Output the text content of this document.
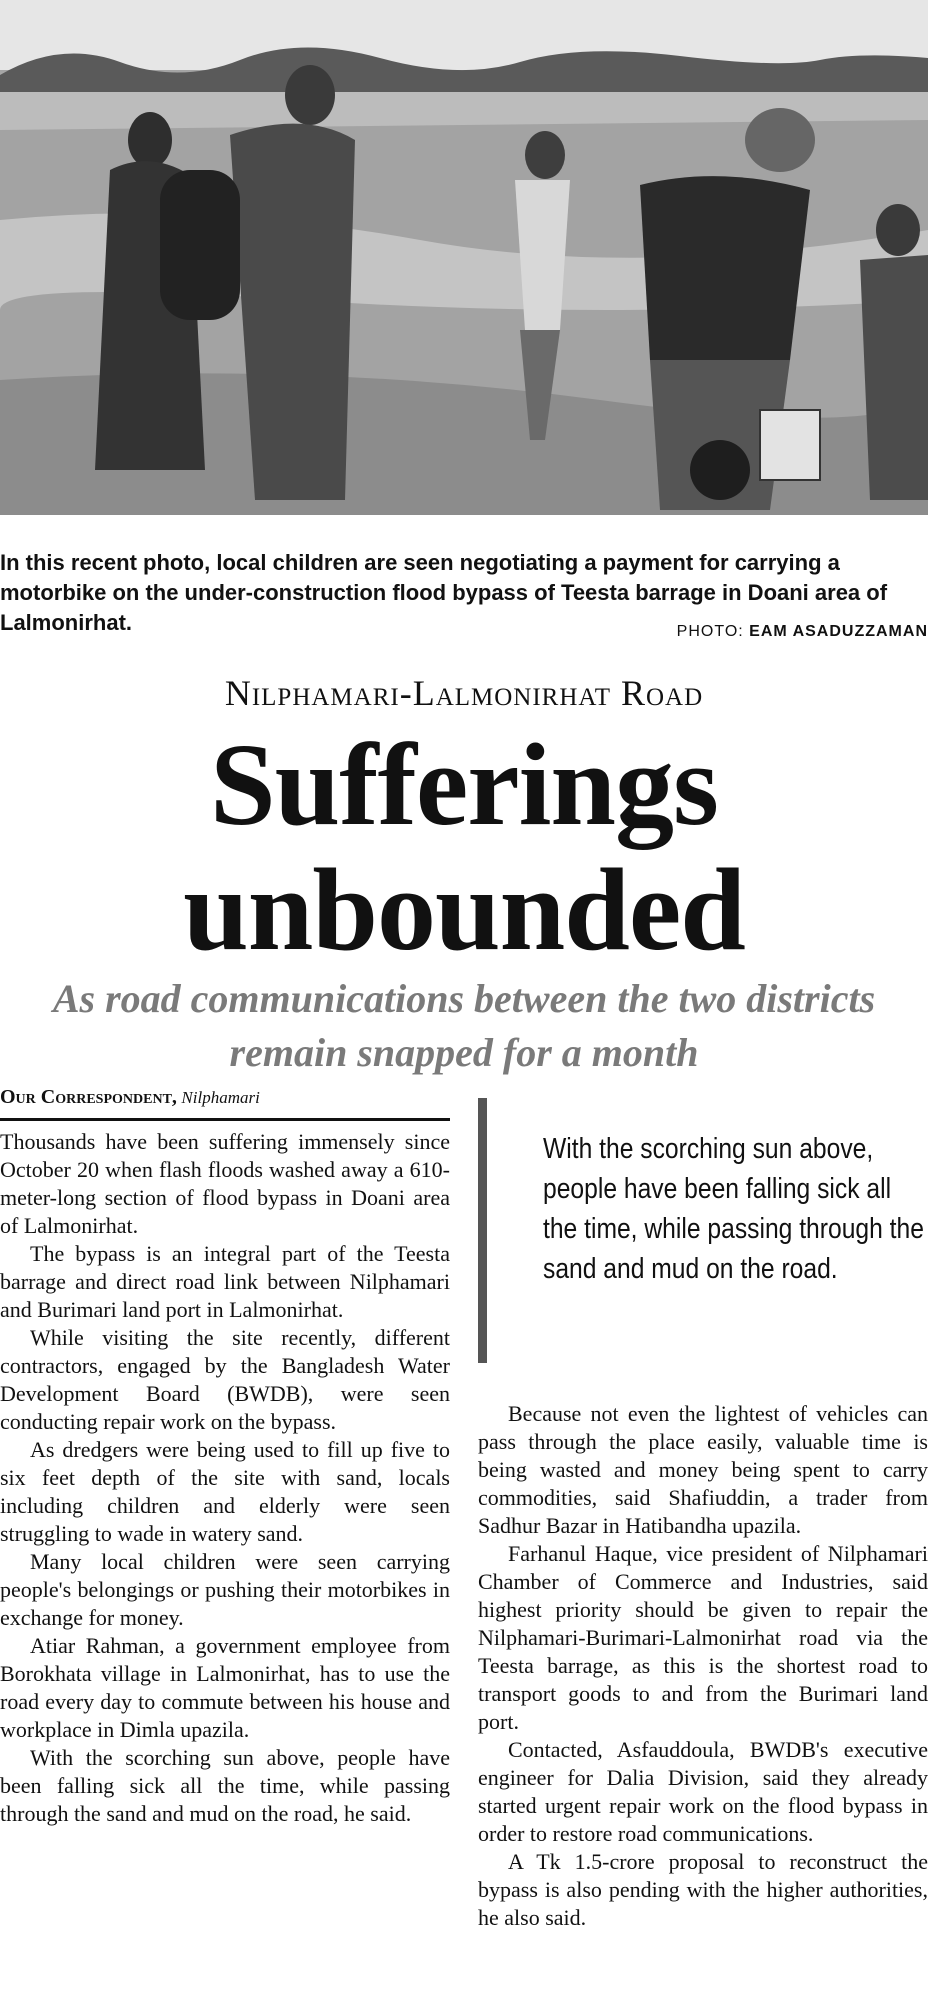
In this recent photo, local children are seen negotiating a payment for carrying a motorbike on the under-construction flood bypass of Teesta barrage in Doani area of Lalmonirhat.	PHOTO: EAM ASADUZZAMAN
Nilphamari-Lalmonirhat Road
Sufferings
unbounded
As road communications between the two districts
remain snapped for a month
Our Correspondent, Nilphamari

Thousands have been suffering immensely since October 20 when flash floods washed away a 610-meter-long section of flood bypass in Doani area of Lalmonirhat.

The bypass is an integral part of the Teesta barrage and direct road link between Nilphamari and Burimari land port in Lalmonirhat.

While visiting the site recently, different contractors, engaged by the Bangladesh Water Development Board (BWDB), were seen conducting repair work on the bypass.

As dredgers were being used to fill up five to six feet depth of the site with sand, locals including children and elderly were seen struggling to wade in watery sand.

Many local children were seen carrying people's belongings or pushing their motorbikes in exchange for money.

Atiar Rahman, a government employee from Borokhata village in Lalmonirhat, has to use the road every day to commute between his house and workplace in Dimla upazila.

With the scorching sun above, people have been falling sick all the time, while passing through the sand and mud on the road, he said.

With the scorching sun above, people have been falling sick all the time, while passing through the sand and mud on the road.

Because not even the lightest of vehicles can pass through the place easily, valuable time is being wasted and money being spent to carry commodities, said Shafiuddin, a trader from Sadhur Bazar in Hatibandha upazila.

Farhanul Haque, vice president of Nilphamari Chamber of Commerce and Industries, said highest priority should be given to repair the Nilphamari-Burimari-Lalmonirhat road via the Teesta barrage, as this is the shortest road to transport goods to and from the Burimari land port.

Contacted, Asfauddoula, BWDB's executive engineer for Dalia Division, said they already started urgent repair work on the flood bypass in order to restore road communications.

A Tk 1.5-crore proposal to reconstruct the bypass is also pending with the higher authorities, he also said.
